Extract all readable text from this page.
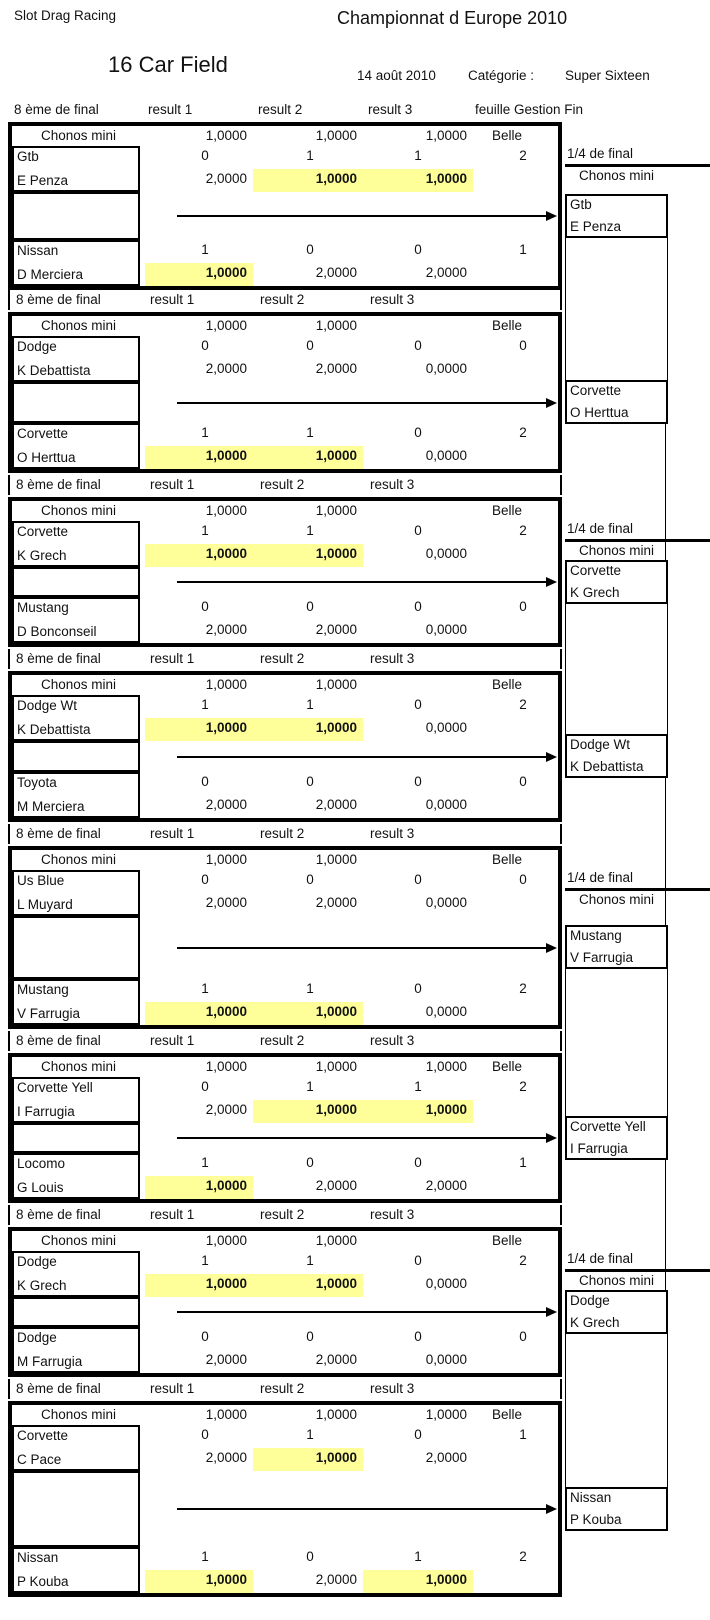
Slot Drag Racing	Championnat d Europe 2010
16 Car Field	14 août 2010 Catégorie : Super Sixteen
8 ème de final	result 1	result 2	result 3	feuille Gestion Fin
Chonos mini	1,0000	1,0000	1,0000	Belle
Gtb
E Penza
0	1	1	2
2,0000	1,0000	1,0000
Nissan
D Merciera
1	0	0	1
1,0000	2,0000	2,0000
8 ème de final	result 1	result 2	result 3
Chonos mini	1,0000	1,0000	Belle
Dodge
K Debattista
0	0	0	0
2,0000	2,0000	0,0000
Corvette
O Herttua
1	1	0	2
1,0000	1,0000	0,0000
8 ème de final	result 1	result 2	result 3
Chonos mini	1,0000	1,0000	Belle
Corvette
K Grech
1	1	0	2
1,0000	1,0000	0,0000
Mustang
D Bonconseil
0	0	0	0
2,0000	2,0000	0,0000
8 ème de final	result 1	result 2	result 3
Chonos mini	1,0000	1,0000	Belle
Dodge Wt
K Debattista
1	1	0	2
1,0000	1,0000	0,0000
Toyota
M Merciera
0	0	0	0
2,0000	2,0000	0,0000
8 ème de final	result 1	result 2	result 3
Chonos mini	1,0000	1,0000	Belle
Us Blue
L Muyard
0	0	0	0
2,0000	2,0000	0,0000
Mustang
V Farrugia
1	1	0	2
1,0000	1,0000	0,0000
8 ème de final	result 1	result 2	result 3
Chonos mini	1,0000	1,0000	1,0000	Belle
Corvette Yell
I Farrugia
0	1	1	2
2,0000	1,0000	1,0000
Locomo
G Louis
1	0	0	1
1,0000	2,0000	2,0000
8 ème de final	result 1	result 2	result 3
Chonos mini	1,0000	1,0000	Belle
Dodge
K Grech
1	1	0	2
1,0000	1,0000	0,0000
Dodge
M Farrugia
0	0	0	0
2,0000	2,0000	0,0000
8 ème de final	result 1	result 2	result 3
Chonos mini	1,0000	1,0000	1,0000	Belle
Corvette
C Pace
0	1	0	1
2,0000	1,0000	2,0000
Nissan
P Kouba
1	0	1	2
1,0000	2,0000	1,0000
1/4 de final
Chonos mini
Gtb
E Penza
Corvette
O Herttua
1/4 de final
Chonos mini
Corvette
K Grech
Dodge Wt
K Debattista
1/4 de final
Chonos mini
Mustang
V Farrugia
Corvette Yell
I Farrugia
1/4 de final
Chonos mini
Dodge
K Grech
Nissan
P Kouba
